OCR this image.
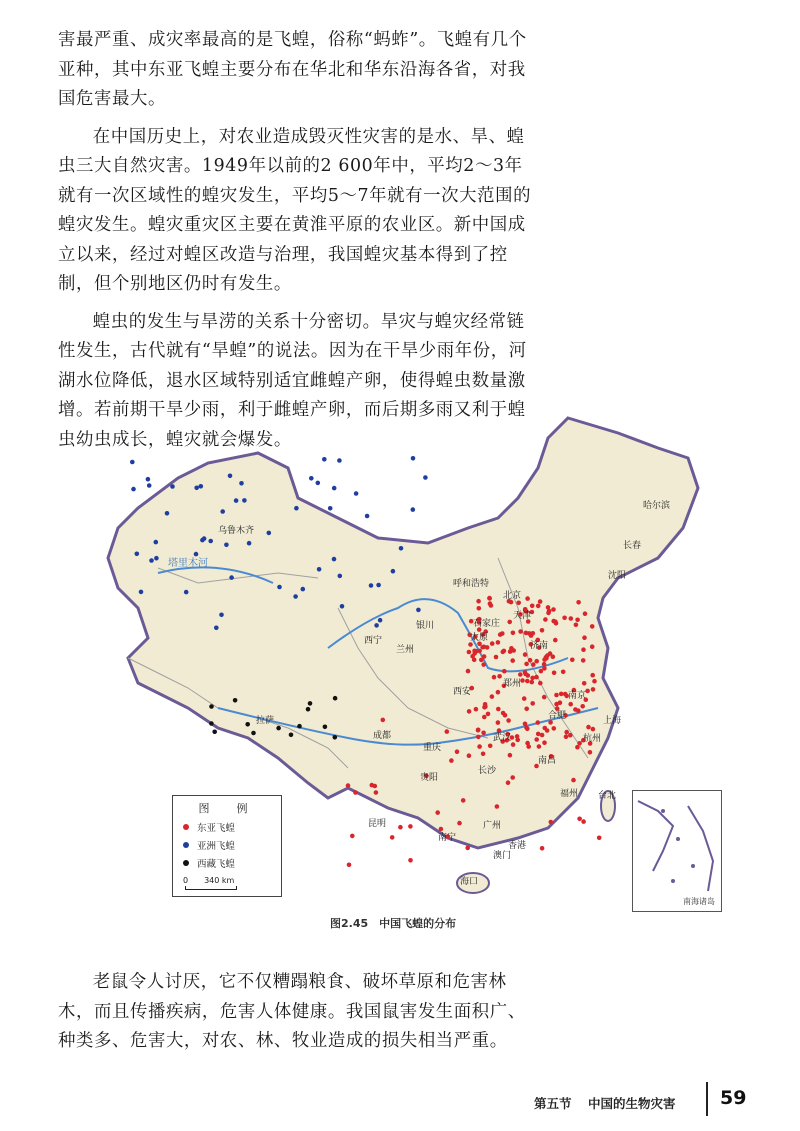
害最严重、成灾率最高的是飞蝗，俗称“蚂蚱”。飞蝗有几个亚种，其中东亚飞蝗主要分布在华北和华东沿海各省，对我国危害最大。

在中国历史上，对农业造成毁灭性灾害的是水、旱、蝗虫三大自然灾害。1949年以前的2 600年中，平均2～3年就有一次区域性的蝗灾发生，平均5～7年就有一次大范围的蝗灾发生。蝗灾重灾区主要在黄淮平原的农业区。新中国成立以来，经过对蝗区改造与治理，我国蝗灾基本得到了控制，但个别地区仍时有发生。

蝗虫的发生与旱涝的关系十分密切。旱灾与蝗灾经常链性发生，古代就有“旱蝗”的说法。因为在干旱少雨年份，河湖水位降低，退水区域特别适宜雌蝗产卵，使得蝗虫数量激增。若前期干旱少雨，利于雌蝗产卵，而后期多雨又利于蝗虫幼虫成长，蝗灾就会爆发。

哈尔滨
长春
沈阳
乌鲁木齐
呼和浩特
北京
天津
石家庄
太原
济南
西宁
兰州
银川
郑州
西安	南京
合肥	上海
杭州
拉萨
成都	武汉
重庆
长沙
南昌
贵阳
福州 台北
昆明
南宁
广州
香港
澳门
海口
塔里木河
南海诸岛
图　例
东亚飞蝗
亚洲飞蝗
西藏飞蝗
0　　340 km
图2.45　中国飞蝗的分布

老鼠令人讨厌，它不仅糟蹋粮食、破坏草原和危害林木，而且传播疾病，危害人体健康。我国鼠害发生面积广、种类多、危害大，对农、林、牧业造成的损失相当严重。

第五节 中国的生物灾害 59
